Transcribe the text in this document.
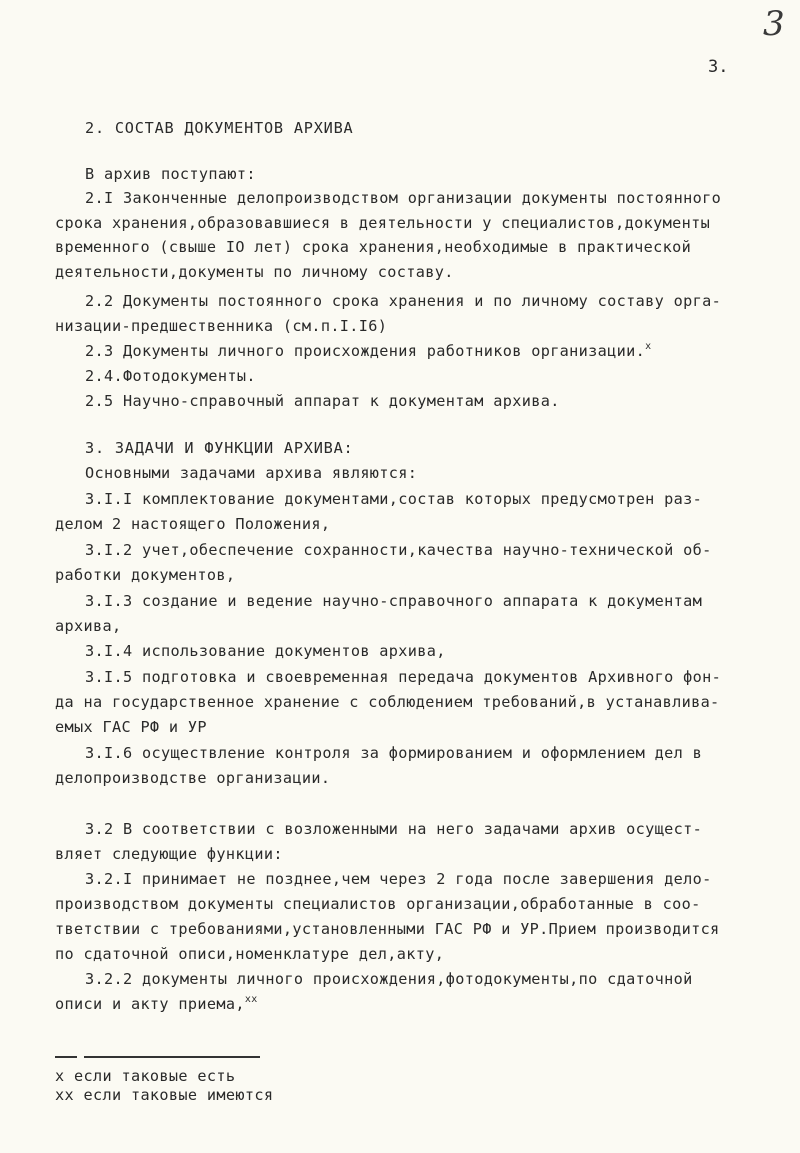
3
3.
2. СОСТАВ ДОКУМЕНТОВ АРХИВА
В архив поступают:
2.I Законченные делопроизводством организации документы постоянного
срока хранения,образовавшиеся в деятельности у специалистов,документы
временного (свыше IO лет) срока хранения,необходимые в практической
деятельности,документы по личному составу.
2.2 Документы постоянного срока хранения и по личному составу орга-
низации-предшественника (см.п.I.I6)
2.3 Документы личного происхождения работников организации.$^x$
2.4.Фотодокументы.
2.5 Научно-справочный аппарат к документам архива.
3. ЗАДАЧИ И ФУНКЦИИ АРХИВА:
Основными задачами архива являются:
3.I.I комплектование документами,состав которых предусмотрен раз-
делом 2 настоящего Положения,
3.I.2 учет,обеспечение сохранности,качества научно-технической об-
работки документов,
3.I.3 создание и ведение научно-справочного аппарата к документам
архива,
3.I.4 использование документов архива,
3.I.5 подготовка и своевременная передача документов Архивного фон-
да на государственное хранение с соблюдением требований,в устанавлива-
емых ГАС РФ и УР
3.I.6 осуществление контроля за формированием и оформлением дел в
делопроизводстве организации.
3.2 В соответствии с возложенными на него задачами архив осущест-
вляет следующие функции:
3.2.I принимает не позднее,чем через 2 года после завершения дело-
производством документы специалистов организации,обработанные в соо-
тветствии с требованиями,установленными ГАС РФ и УР.Прием производится
по сдаточной описи,номенклатуре дел,акту,
3.2.2 документы личного происхождения,фотодокументы,по сдаточной
описи и акту приема,$^{xx}$
x если таковые есть
xx если таковые имеются
